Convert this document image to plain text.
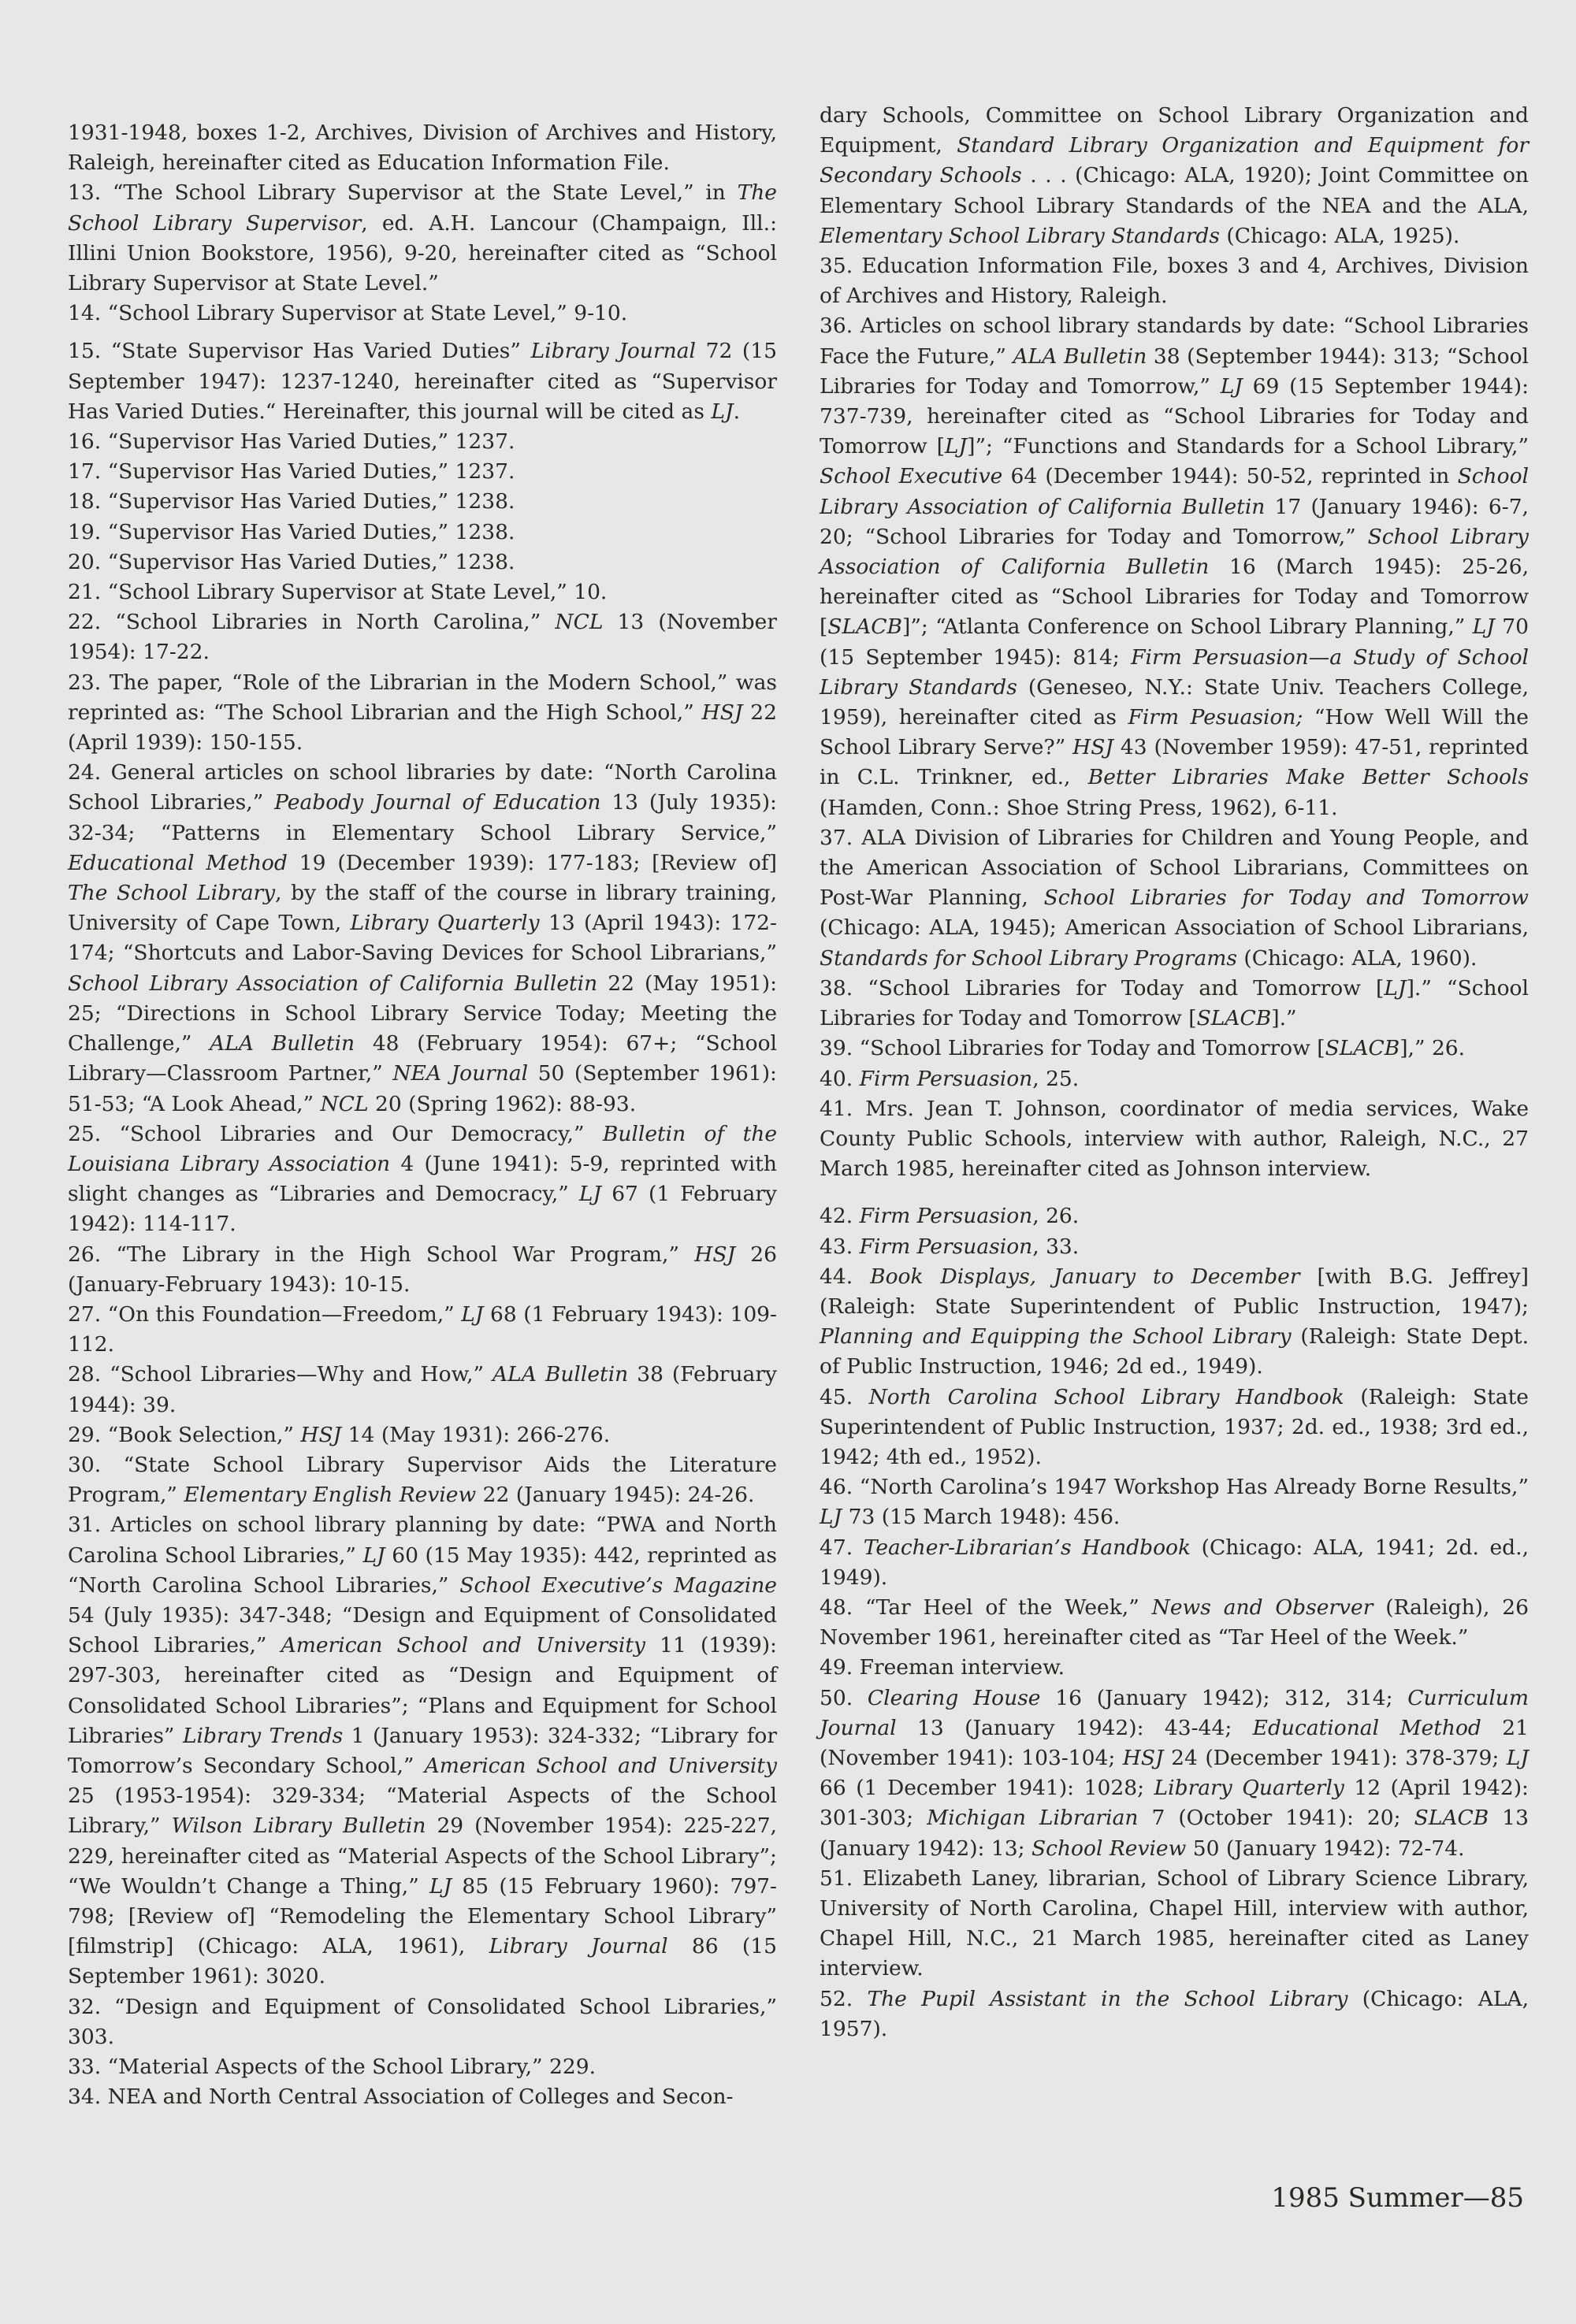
1931-1948, boxes 1-2, Archives, Division of Archives and History, Raleigh, hereinafter cited as Education Information File.

13. “The School Library Supervisor at the State Level,” in The School Library Supervisor, ed. A.H. Lancour (Champaign, Ill.: Illini Union Bookstore, 1956), 9-20, hereinafter cited as “School Library Supervisor at State Level.”

14. “School Library Supervisor at State Level,” 9-10.

15. “State Supervisor Has Varied Duties” Library Journal 72 (15 September 1947): 1237-1240, hereinafter cited as “Supervisor Has Varied Duties.“ Hereinafter, this journal will be cited as LJ.

16. “Supervisor Has Varied Duties,” 1237.

17. “Supervisor Has Varied Duties,” 1237.

18. “Supervisor Has Varied Duties,” 1238.

19. “Supervisor Has Varied Duties,” 1238.

20. “Supervisor Has Varied Duties,” 1238.

21. “School Library Supervisor at State Level,” 10.

22. “School Libraries in North Carolina,” NCL 13 (November 1954): 17-22.

23. The paper, “Role of the Librarian in the Modern School,” was reprinted as: “The School Librarian and the High School,” HSJ 22 (April 1939): 150-155.

24. General articles on school libraries by date: “North Carolina School Libraries,” Peabody Journal of Education 13 (July 1935): 32-34; “Patterns in Elementary School Library Service,” Educational Method 19 (December 1939): 177-183; [Review of] The School Library, by the staff of the course in library training, University of Cape Town, Library Quarterly 13 (April 1943): 172-174; “Shortcuts and Labor-Saving Devices for School Librarians,” School Library Association of California Bulletin 22 (May 1951): 25; “Directions in School Library Service Today; Meeting the Challenge,” ALA Bulletin 48 (February 1954): 67+; “School Library—Classroom Partner,” NEA Journal 50 (September 1961): 51-53; “A Look Ahead,” NCL 20 (Spring 1962): 88-93.

25. “School Libraries and Our Democracy,” Bulletin of the Louisiana Library Association 4 (June 1941): 5-9, reprinted with slight changes as “Libraries and Democracy,” LJ 67 (1 February 1942): 114-117.

26. “The Library in the High School War Program,” HSJ 26 (January-February 1943): 10-15.

27. “On this Foundation—Freedom,” LJ 68 (1 February 1943): 109-112.

28. “School Libraries—Why and How,” ALA Bulletin 38 (February 1944): 39.

29. “Book Selection,” HSJ 14 (May 1931): 266-276.

30. “State School Library Supervisor Aids the Literature Program,” Elementary English Review 22 (January 1945): 24-26.

31. Articles on school library planning by date: “PWA and North Carolina School Libraries,” LJ 60 (15 May 1935): 442, reprinted as “North Carolina School Libraries,” School Executive’s Magazine 54 (July 1935): 347-348; “Design and Equipment of Consolidated School Libraries,” American School and University 11 (1939): 297-303, hereinafter cited as “Design and Equipment of Consolidated School Libraries”; “Plans and Equipment for School Libraries” Library Trends 1 (January 1953): 324-332; “Library for Tomorrow’s Secondary School,” American School and University 25 (1953-1954): 329-334; “Material Aspects of the School Library,” Wilson Library Bulletin 29 (November 1954): 225-227, 229, hereinafter cited as “Material Aspects of the School Library”; “We Wouldn’t Change a Thing,” LJ 85 (15 February 1960): 797-798; [Review of] “Remodeling the Elementary School Library” [filmstrip] (Chicago: ALA, 1961), Library Journal 86 (15 September 1961): 3020.

32. “Design and Equipment of Consolidated School Libraries,” 303.

33. “Material Aspects of the School Library,” 229.

34. NEA and North Central Association of Colleges and Secon-

dary Schools, Committee on School Library Organization and Equipment, Standard Library Organization and Equipment for Secondary Schools . . . (Chicago: ALA, 1920); Joint Committee on Elementary School Library Standards of the NEA and the ALA, Elementary School Library Standards (Chicago: ALA, 1925).

35. Education Information File, boxes 3 and 4, Archives, Division of Archives and History, Raleigh.

36. Articles on school library standards by date: “School Libraries Face the Future,” ALA Bulletin 38 (September 1944): 313; “School Libraries for Today and Tomorrow,” LJ 69 (15 September 1944): 737-739, hereinafter cited as “School Libraries for Today and Tomorrow [LJ]”; “Functions and Standards for a School Library,” School Executive 64 (December 1944): 50-52, reprinted in School Library Association of California Bulletin 17 (January 1946): 6-7, 20; “School Libraries for Today and Tomorrow,” School Library Association of California Bulletin 16 (March 1945): 25-26, hereinafter cited as “School Libraries for Today and Tomorrow [SLACB]”; “Atlanta Conference on School Library Planning,” LJ 70 (15 September 1945): 814; Firm Persuasion—a Study of School Library Standards (Geneseo, N.Y.: State Univ. Teachers College, 1959), hereinafter cited as Firm Pesuasion; “How Well Will the School Library Serve?” HSJ 43 (November 1959): 47-51, reprinted in C.L. Trinkner, ed., Better Libraries Make Better Schools (Hamden, Conn.: Shoe String Press, 1962), 6-11.

37. ALA Division of Libraries for Children and Young People, and the American Association of School Librarians, Committees on Post-War Planning, School Libraries for Today and Tomorrow (Chicago: ALA, 1945); American Association of School Librarians, Standards for School Library Programs (Chicago: ALA, 1960).

38. “School Libraries for Today and Tomorrow [LJ].” “School Libraries for Today and Tomorrow [SLACB].”

39. “School Libraries for Today and Tomorrow [SLACB],” 26.

40. Firm Persuasion, 25.

41. Mrs. Jean T. Johnson, coordinator of media services, Wake County Public Schools, interview with author, Raleigh, N.C., 27 March 1985, hereinafter cited as Johnson interview.

42. Firm Persuasion, 26.

43. Firm Persuasion, 33.

44. Book Displays, January to December [with B.G. Jeffrey] (Raleigh: State Superintendent of Public Instruction, 1947); Planning and Equipping the School Library (Raleigh: State Dept. of Public Instruction, 1946; 2d ed., 1949).

45. North Carolina School Library Handbook (Raleigh: State Superintendent of Public Instruction, 1937; 2d. ed., 1938; 3rd ed., 1942; 4th ed., 1952).

46. “North Carolina’s 1947 Workshop Has Already Borne Results,” LJ 73 (15 March 1948): 456.

47. Teacher-Librarian’s Handbook (Chicago: ALA, 1941; 2d. ed., 1949).

48. “Tar Heel of the Week,” News and Observer (Raleigh), 26 November 1961, hereinafter cited as “Tar Heel of the Week.”

49. Freeman interview.

50. Clearing House 16 (January 1942); 312, 314; Curriculum Journal 13 (January 1942): 43-44; Educational Method 21 (November 1941): 103-104; HSJ 24 (December 1941): 378-379; LJ 66 (1 December 1941): 1028; Library Quarterly 12 (April 1942): 301-303; Michigan Librarian 7 (October 1941): 20; SLACB 13 (January 1942): 13; School Review 50 (January 1942): 72-74.

51. Elizabeth Laney, librarian, School of Library Science Library, University of North Carolina, Chapel Hill, interview with author, Chapel Hill, N.C., 21 March 1985, hereinafter cited as Laney interview.

52. The Pupil Assistant in the School Library (Chicago: ALA, 1957).

1985 Summer—85
